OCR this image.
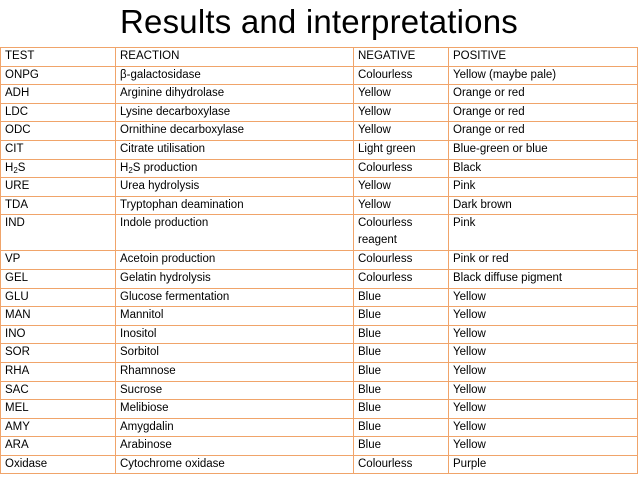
Results and interpretations
TEST	REACTION	NEGATIVE	POSITIVE
ONPG	β-galactosidase	Colourless	Yellow (maybe pale)
ADH	Arginine dihydrolase	Yellow	Orange or red
LDC	Lysine decarboxylase	Yellow	Orange or red
ODC	Ornithine decarboxylase	Yellow	Orange or red
CIT	Citrate utilisation	Light green	Blue-green or blue
$H_2S$	$H_2S$ production	Colourless	Black
URE	Urea hydrolysis	Yellow	Pink
TDA	Tryptophan deamination	Yellow	Dark brown
IND	Indole production	Colourless reagent	Pink
VP	Acetoin production	Colourless	Pink or red
GEL	Gelatin hydrolysis	Colourless	Black diffuse pigment
GLU	Glucose fermentation	Blue	Yellow
MAN	Mannitol	Blue	Yellow
INO	Inositol	Blue	Yellow
SOR	Sorbitol	Blue	Yellow
RHA	Rhamnose	Blue	Yellow
SAC	Sucrose	Blue	Yellow
MEL	Melibiose	Blue	Yellow
AMY	Amygdalin	Blue	Yellow
ARA	Arabinose	Blue	Yellow
Oxidase	Cytochrome oxidase	Colourless	Purple
